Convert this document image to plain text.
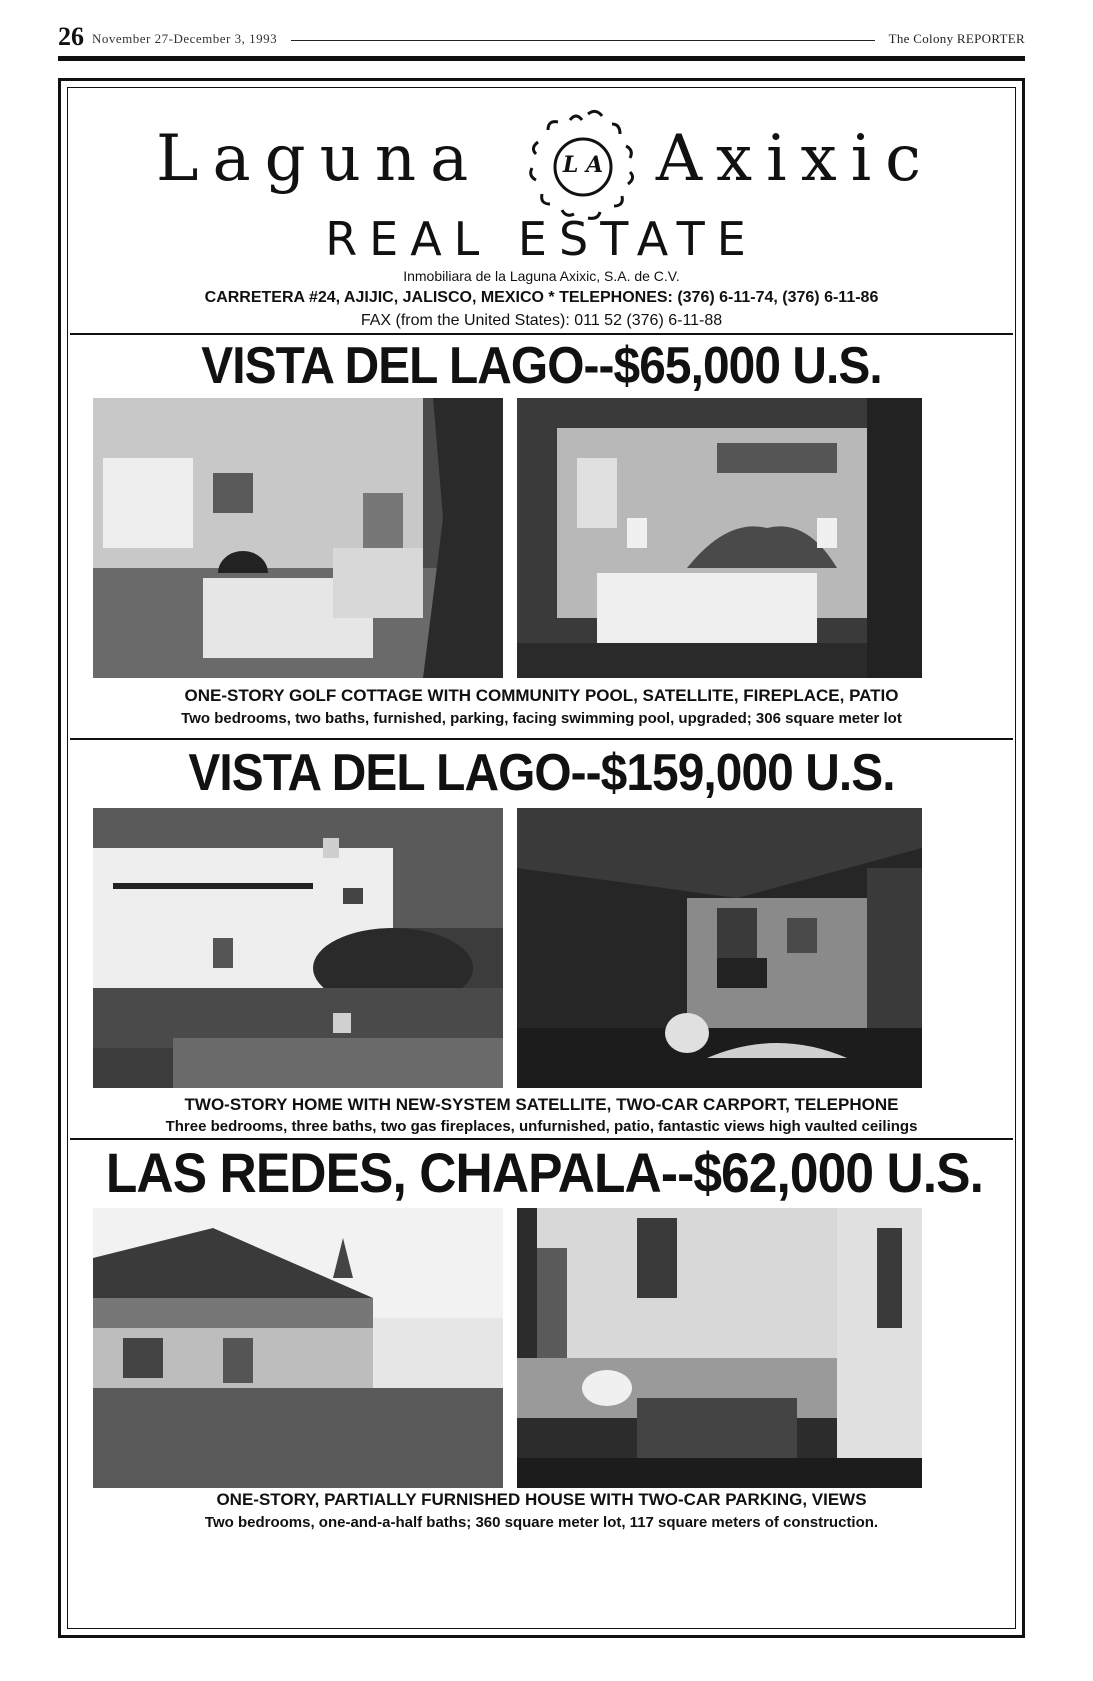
26 November 27-December 3, 1993	The Colony REPORTER
Laguna	L A Axixic
REAL ESTATE
Inmobiliara de la Laguna Axixic, S.A. de C.V.
CARRETERA #24, AJIJIC, JALISCO, MEXICO * TELEPHONES: (376) 6-11-74, (376) 6-11-86
FAX (from the United States): 011 52 (376) 6-11-88
VISTA DEL LAGO--$65,000 U.S.
ONE-STORY GOLF COTTAGE WITH COMMUNITY POOL, SATELLITE, FIREPLACE, PATIO
Two bedrooms, two baths, furnished, parking, facing swimming pool, upgraded; 306 square meter lot
VISTA DEL LAGO--$159,000 U.S.
TWO-STORY HOME WITH NEW-SYSTEM SATELLITE, TWO-CAR CARPORT, TELEPHONE
Three bedrooms, three baths, two gas fireplaces, unfurnished, patio, fantastic views high vaulted ceilings
LAS REDES, CHAPALA--$62,000 U.S.
ONE-STORY, PARTIALLY FURNISHED HOUSE WITH TWO-CAR PARKING, VIEWS
Two bedrooms, one-and-a-half baths; 360 square meter lot, 117 square meters of construction.
